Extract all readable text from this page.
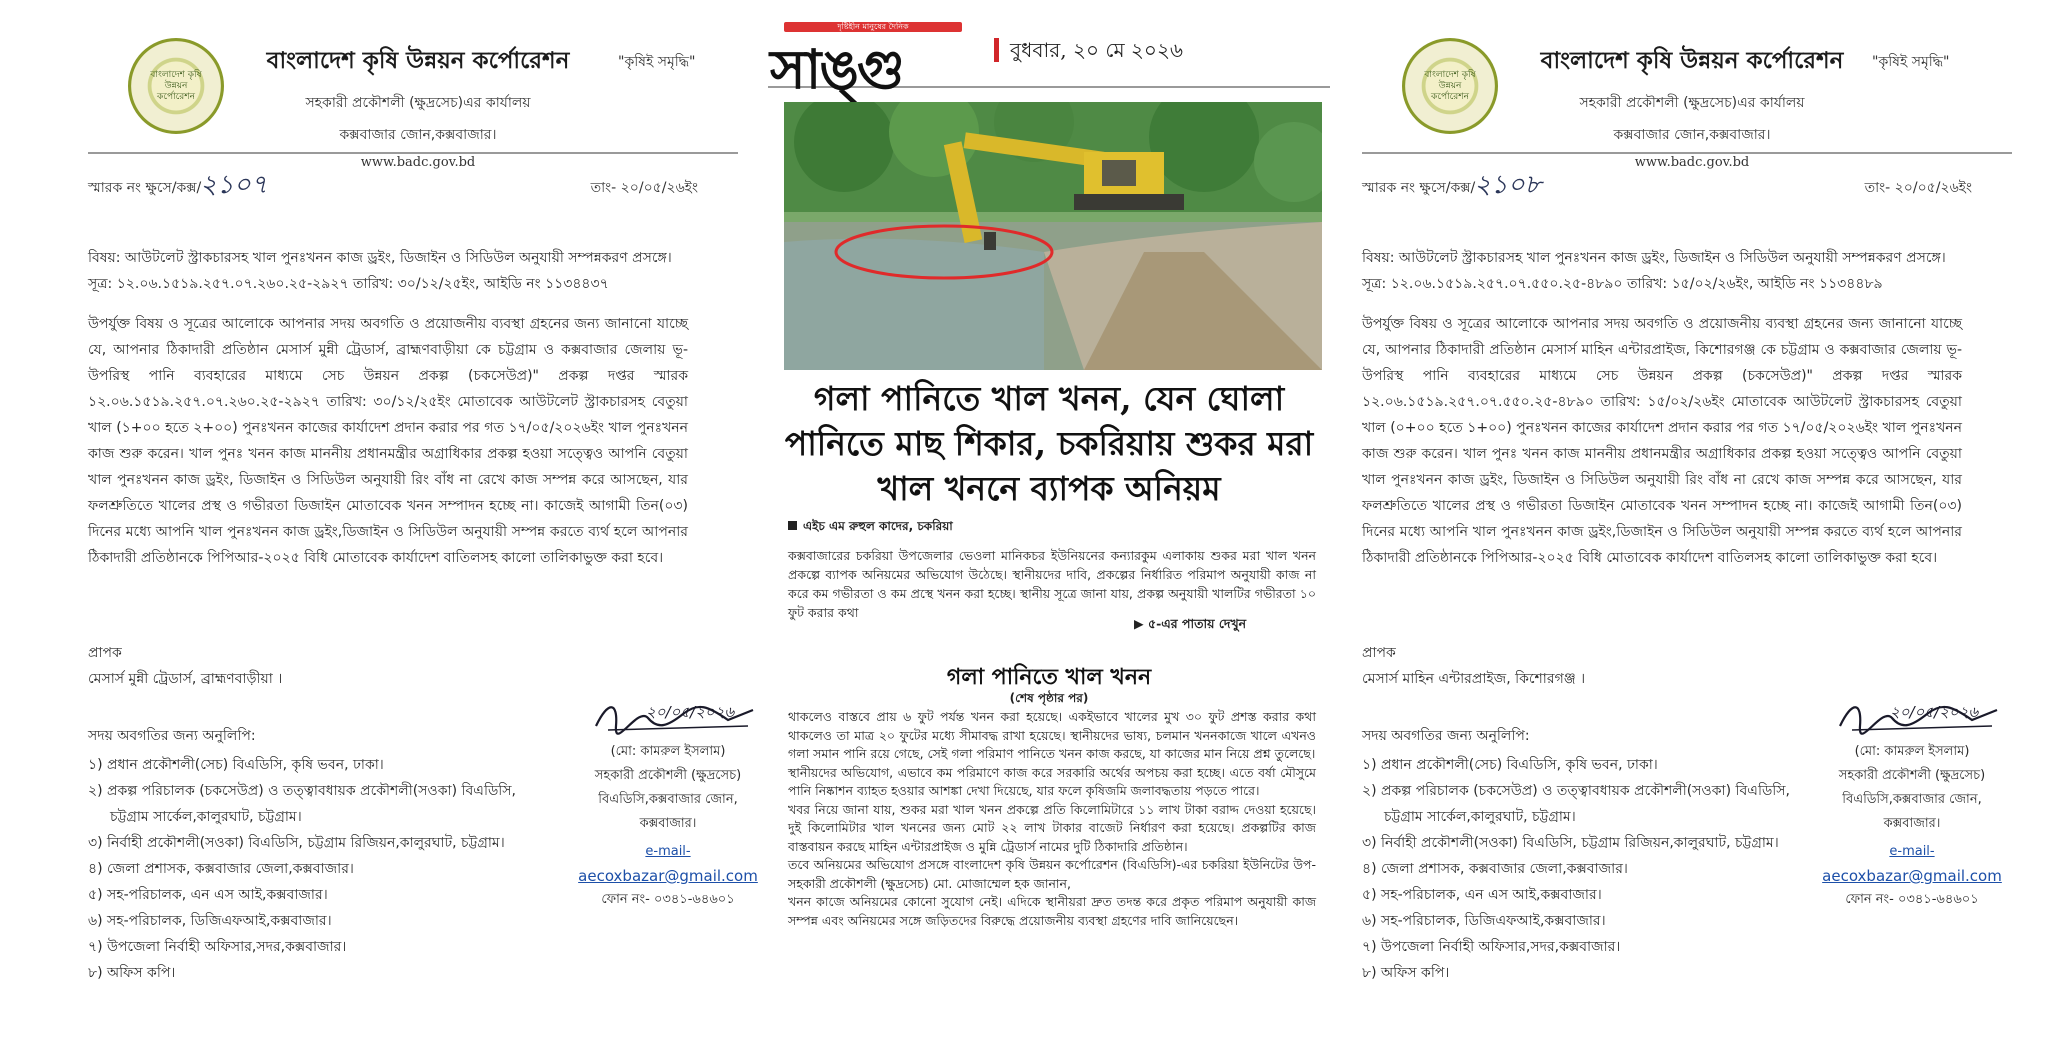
বাংলাদেশ কৃষি উন্নয়ন কর্পোরেশন
বাংলাদেশ কৃষি উন্নয়ন কর্পোরেশন
সহকারী প্রকৌশলী (ক্ষুদ্রসেচ)এর কার্যালয়
কক্সবাজার জোন,কক্সবাজার।
www.badc.gov.bd
"কৃষিই সমৃদ্ধি"
স্মারক নং ক্ষুসে/কক্স/
২১০৭	তাং- ২০/০৫/২৬ইং
বিষয়: আউটলেট স্ট্রাকচারসহ খাল পুনঃখনন কাজ ড্রইং, ডিজাইন ও সিডিউল অনুযায়ী সম্পন্নকরণ প্রসঙ্গে।
সূত্র: ১২.০৬.১৫১৯.২৫৭.০৭.২৬০.২৫-২৯২৭ তারিখ: ৩০/১২/২৫ইং, আইডি নং ১১৩৪৪৩৭
উপর্যুক্ত বিষয় ও সূত্রের আলোকে আপনার সদয় অবগতি ও প্রয়োজনীয় ব্যবস্থা গ্রহনের জন্য জানানো যাচ্ছে যে, আপনার ঠিকাদারী প্রতিষ্ঠান মেসার্স মুন্নী ট্রেডার্স, ব্রাহ্মণবাড়ীয়া কে চট্টগ্রাম ও কক্সবাজার জেলায় ভূ-উপরিস্থ পানি ব্যবহারের মাধ্যমে সেচ উন্নয়ন প্রকল্প (চকসেউপ্র)" প্রকল্প দপ্তর স্মারক ১২.০৬.১৫১৯.২৫৭.০৭.২৬০.২৫-২৯২৭ তারিখ: ৩০/১২/২৫ইং মোতাবেক আউটলেট স্ট্রাকচারসহ বেতুয়া খাল (১+০০ হতে ২+০০) পুনঃখনন কাজের কার্যাদেশ প্রদান করার পর গত ১৭/০৫/২০২৬ইং খাল পুনঃখনন কাজ শুরু করেন। খাল পুনঃ খনন কাজ মাননীয় প্রধানমন্ত্রীর অগ্রাধিকার প্রকল্প হওয়া সত্ত্বেও আপনি বেতুয়া খাল পুনঃখনন কাজ ড্রইং, ডিজাইন ও সিডিউল অনুযায়ী রিং বাঁধ না রেখে কাজ সম্পন্ন করে আসছেন, যার ফলশ্রুতিতে খালের প্রস্থ ও গভীরতা ডিজাইন মোতাবেক খনন সম্পাদন হচ্ছে না। কাজেই আগামী তিন(০৩) দিনের মধ্যে আপনি খাল পুনঃখনন কাজ ড্রইং,ডিজাইন ও সিডিউল অনুযায়ী সম্পন্ন করতে ব্যর্থ হলে আপনার ঠিকাদারী প্রতিষ্ঠানকে পিপিআর-২০২৫ বিধি মোতাবেক কার্যাদেশ বাতিলসহ কালো তালিকাভুক্ত করা হবে।
প্রাপক
মেসার্স মুন্নী ট্রেডার্স, ব্রাহ্মণবাড়ীয়া ।
সদয় অবগতির জন্য অনুলিপি:
১) প্রধান প্রকৌশলী(সেচ) বিএডিসি, কৃষি ভবন, ঢাকা।
২) প্রকল্প পরিচালক (চকসেউপ্র) ও তত্ত্বাবধায়ক প্রকৌশলী(সওকা) বিএডিসি,
চট্টগ্রাম সার্কেল,কালুরঘাট, চট্টগ্রাম।
৩) নির্বাহী প্রকৌশলী(সওকা) বিএডিসি, চট্টগ্রাম রিজিয়ন,কালুরঘাট, চট্টগ্রাম।
৪) জেলা প্রশাসক, কক্সবাজার জেলা,কক্সবাজার।
৫) সহ-পরিচালক, এন এস আই,কক্সবাজার।
৬) সহ-পরিচালক, ডিজিএফআই,কক্সবাজার।
৭) উপজেলা নির্বাহী অফিসার,সদর,কক্সবাজার।
৮) অফিস কপি।
২০/০৫/২০২৬
(মো: কামরুল ইসলাম)
সহকারী প্রকৌশলী (ক্ষুদ্রসেচ)
বিএডিসি,কক্সবাজার জোন,
কক্সবাজার।
e-mail-
aecoxbazar@gmail.com
ফোন নং- ০৩৪১-৬৪৬০১
দৃষ্টিহীন মানুষের দৈনিক
সাঙ্গু	বুধবার, ২০ মে ২০২৬
গলা পানিতে খাল খনন, যেন ঘোলা পানিতে মাছ শিকার, চকরিয়ায় শুকর মরা খাল খননে ব্যাপক অনিয়ম
এইচ এম রুহুল কাদের, চকরিয়া
কক্সবাজারের চকরিয়া উপজেলার ভেওলা মানিকচর ইউনিয়নের কন্যারকুম এলাকায় শুকর মরা খাল খনন প্রকল্পে ব্যাপক অনিয়মের অভিযোগ উঠেছে। স্থানীয়দের দাবি, প্রকল্পের নির্ধারিত পরিমাপ অনুযায়ী কাজ না করে কম গভীরতা ও কম প্রস্থে খনন করা হচ্ছে। স্থানীয় সূত্রে জানা যায়, প্রকল্প অনুযায়ী খালটির গভীরতা ১০ ফুট করার কথা
▶ ৫-এর পাতায় দেখুন
গলা পানিতে খাল খনন
(শেষ পৃষ্ঠার পর)

থাকলেও বাস্তবে প্রায় ৬ ফুট পর্যন্ত খনন করা হয়েছে। একইভাবে খালের মুখ ৩০ ফুট প্রশস্ত করার কথা থাকলেও তা মাত্র ২০ ফুটের মধ্যে সীমাবদ্ধ রাখা হয়েছে। স্থানীয়দের ভাষ্য, চলমান খননকাজে খালে এখনও গলা সমান পানি রয়ে গেছে, সেই গলা পরিমাণ পানিতে খনন কাজ করছে, যা কাজের মান নিয়ে প্রশ্ন তুলেছে।

স্থানীয়দের অভিযোগ, এভাবে কম পরিমাণে কাজ করে সরকারি অর্থের অপচয় করা হচ্ছে। এতে বর্ষা মৌসুমে পানি নিষ্কাশন ব্যাহত হওয়ার আশঙ্কা দেখা দিয়েছে, যার ফলে কৃষিজমি জলাবদ্ধতায় পড়তে পারে।

খবর নিয়ে জানা যায়, শুকর মরা খাল খনন প্রকল্পে প্রতি কিলোমিটারে ১১ লাখ টাকা বরাদ্দ দেওয়া হয়েছে। দুই কিলোমিটার খাল খননের জন্য মোট ২২ লাখ টাকার বাজেট নির্ধারণ করা হয়েছে। প্রকল্পটির কাজ বাস্তবায়ন করছে মাহিন এন্টারপ্রাইজ ও মুন্নি ট্রেডার্স নামের দুটি ঠিকাদারি প্রতিষ্ঠান।

তবে অনিয়মের অভিযোগ প্রসঙ্গে বাংলাদেশ কৃষি উন্নয়ন কর্পোরেশন (বিএডিসি)-এর চকরিয়া ইউনিটের উপ-সহকারী প্রকৌশলী (ক্ষুদ্রসেচ) মো. মোজাম্মেল হক জানান,

খনন কাজে অনিয়মের কোনো সুযোগ নেই। এদিকে স্থানীয়রা দ্রুত তদন্ত করে প্রকৃত পরিমাপ অনুযায়ী কাজ সম্পন্ন এবং অনিয়মের সঙ্গে জড়িতদের বিরুদ্ধে প্রয়োজনীয় ব্যবস্থা গ্রহণের দাবি জানিয়েছেন।

বাংলাদেশ কৃষি উন্নয়ন কর্পোরেশন
বাংলাদেশ কৃষি উন্নয়ন কর্পোরেশন
সহকারী প্রকৌশলী (ক্ষুদ্রসেচ)এর কার্যালয়
কক্সবাজার জোন,কক্সবাজার।
www.badc.gov.bd
"কৃষিই সমৃদ্ধি"
স্মারক নং ক্ষুসে/কক্স/
২১০৮	তাং- ২০/০৫/২৬ইং
বিষয়: আউটলেট স্ট্রাকচারসহ খাল পুনঃখনন কাজ ড্রইং, ডিজাইন ও সিডিউল অনুযায়ী সম্পন্নকরণ প্রসঙ্গে।
সূত্র: ১২.০৬.১৫১৯.২৫৭.০৭.৫৫০.২৫-৪৮৯০ তারিখ: ১৫/০২/২৬ইং, আইডি নং ১১৩৪৪৮৯
উপর্যুক্ত বিষয় ও সূত্রের আলোকে আপনার সদয় অবগতি ও প্রয়োজনীয় ব্যবস্থা গ্রহনের জন্য জানানো যাচ্ছে যে, আপনার ঠিকাদারী প্রতিষ্ঠান মেসার্স মাহিন এন্টারপ্রাইজ, কিশোরগঞ্জ কে চট্টগ্রাম ও কক্সবাজার জেলায় ভূ-উপরিস্থ পানি ব্যবহারের মাধ্যমে সেচ উন্নয়ন প্রকল্প (চকসেউপ্র)" প্রকল্প দপ্তর স্মারক ১২.০৬.১৫১৯.২৫৭.০৭.৫৫০.২৫-৪৮৯০ তারিখ: ১৫/০২/২৬ইং মোতাবেক আউটলেট স্ট্রাকচারসহ বেতুয়া খাল (০+০০ হতে ১+০০) পুনঃখনন কাজের কার্যাদেশ প্রদান করার পর গত ১৭/০৫/২০২৬ইং খাল পুনঃখনন কাজ শুরু করেন। খাল পুনঃ খনন কাজ মাননীয় প্রধানমন্ত্রীর অগ্রাধিকার প্রকল্প হওয়া সত্ত্বেও আপনি বেতুয়া খাল পুনঃখনন কাজ ড্রইং, ডিজাইন ও সিডিউল অনুযায়ী রিং বাঁধ না রেখে কাজ সম্পন্ন করে আসছেন, যার ফলশ্রুতিতে খালের প্রস্থ ও গভীরতা ডিজাইন মোতাবেক খনন সম্পাদন হচ্ছে না। কাজেই আগামী তিন(০৩) দিনের মধ্যে আপনি খাল পুনঃখনন কাজ ড্রইং,ডিজাইন ও সিডিউল অনুযায়ী সম্পন্ন করতে ব্যর্থ হলে আপনার ঠিকাদারী প্রতিষ্ঠানকে পিপিআর-২০২৫ বিধি মোতাবেক কার্যাদেশ বাতিলসহ কালো তালিকাভুক্ত করা হবে।
প্রাপক
মেসার্স মাহিন এন্টারপ্রাইজ, কিশোরগঞ্জ ।
সদয় অবগতির জন্য অনুলিপি:
১) প্রধান প্রকৌশলী(সেচ) বিএডিসি, কৃষি ভবন, ঢাকা।
২) প্রকল্প পরিচালক (চকসেউপ্র) ও তত্ত্বাবধায়ক প্রকৌশলী(সওকা) বিএডিসি,
চট্টগ্রাম সার্কেল,কালুরঘাট, চট্টগ্রাম।
৩) নির্বাহী প্রকৌশলী(সওকা) বিএডিসি, চট্টগ্রাম রিজিয়ন,কালুরঘাট, চট্টগ্রাম।
৪) জেলা প্রশাসক, কক্সবাজার জেলা,কক্সবাজার।
৫) সহ-পরিচালক, এন এস আই,কক্সবাজার।
৬) সহ-পরিচালক, ডিজিএফআই,কক্সবাজার।
৭) উপজেলা নির্বাহী অফিসার,সদর,কক্সবাজার।
৮) অফিস কপি।
২০/০৫/২০২৬
(মো: কামরুল ইসলাম)
সহকারী প্রকৌশলী (ক্ষুদ্রসেচ)
বিএডিসি,কক্সবাজার জোন,
কক্সবাজার।
e-mail-
aecoxbazar@gmail.com
ফোন নং- ০৩৪১-৬৪৬০১
